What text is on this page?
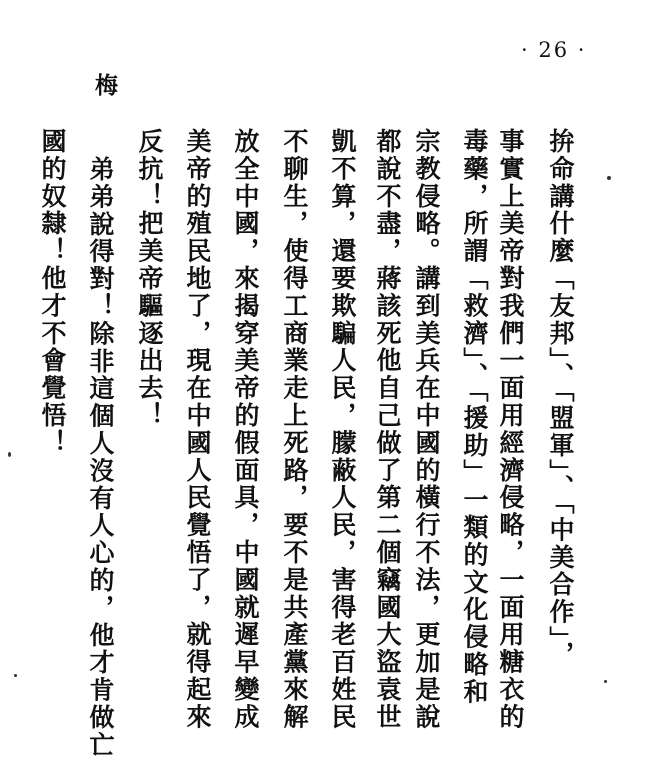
· 26 ·
梅
拚命講什麼「友邦」、「盟軍」、「中美合作」，
事實上美帝對我們一面用經濟侵略，一面用糖衣的
毒藥，所謂「救濟」、「援助」一類的文化侵略和
宗教侵略。講到美兵在中國的橫行不法，更加是說
都說不盡，蔣該死他自己做了第二個竊國大盜袁世
凱不算，還要欺騙人民，朦蔽人民，害得老百姓民
不聊生，使得工商業走上死路，要不是共產黨來解
放全中國，來揭穿美帝的假面具，中國就遲早變成
美帝的殖民地了，現在中國人民覺悟了，就得起來
反抗！把美帝驅逐出去！
弟弟說得對！除非這個人沒有人心的，他才肯做亡
國的奴隸！他才不會覺悟！
